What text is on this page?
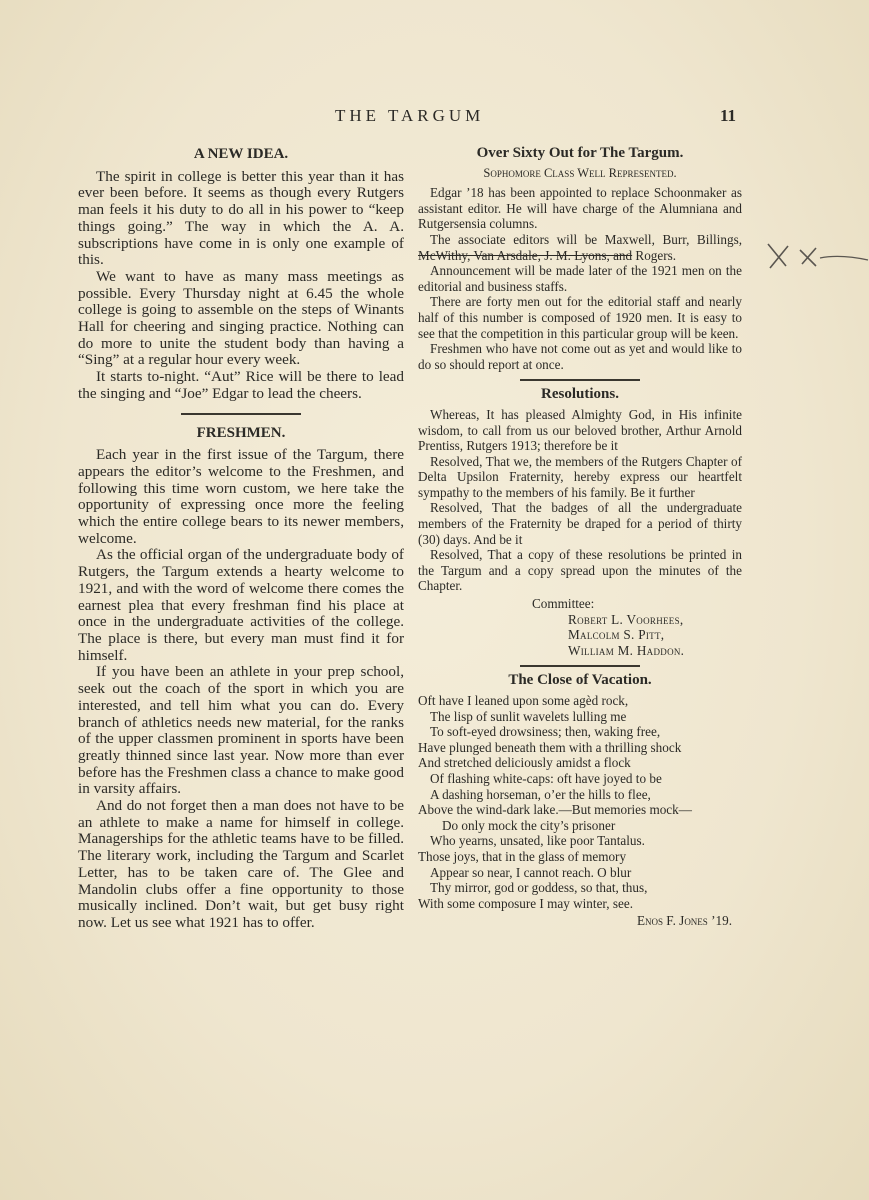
THE TARGUM	11
A NEW IDEA.

The spirit in college is better this year than it has ever been before. It seems as though every Rutgers man feels it his duty to do all in his power to “keep things going.” The way in which the A. A. subscriptions have come in is only one example of this.

We want to have as many mass meetings as possible. Every Thursday night at 6.45 the whole college is going to assemble on the steps of Winants Hall for cheering and singing practice. Nothing can do more to unite the student body than having a “Sing” at a regular hour every week.

It starts to-night. “Aut” Rice will be there to lead the singing and “Joe” Edgar to lead the cheers.

FRESHMEN.

Each year in the first issue of the Targum, there appears the editor’s welcome to the Freshmen, and following this time worn custom, we here take the opportunity of expressing once more the feeling which the entire college bears to its newer members, welcome.

As the official organ of the undergraduate body of Rutgers, the Targum extends a hearty welcome to 1921, and with the word of welcome there comes the earnest plea that every freshman find his place at once in the undergraduate activities of the college. The place is there, but every man must find it for himself.

If you have been an athlete in your prep school, seek out the coach of the sport in which you are interested, and tell him what you can do. Every branch of athletics needs new material, for the ranks of the upper classmen prominent in sports have been greatly thinned since last year. Now more than ever before has the Freshmen class a chance to make good in varsity affairs.

And do not forget then a man does not have to be an athlete to make a name for himself in college. Managerships for the athletic teams have to be filled. The literary work, including the Targum and Scarlet Letter, has to be taken care of. The Glee and Mandolin clubs offer a fine opportunity to those musically inclined. Don’t wait, but get busy right now. Let us see what 1921 has to offer.

Over Sixty Out for The Targum.
Sophomore Class Well Represented.

Edgar ’18 has been appointed to replace Schoonmaker as assistant editor. He will have charge of the Alumniana and Rutgersensia columns.

The associate editors will be Maxwell, Burr, Billings, McWithy, Van Arsdale, J. M. Lyons, and Rogers.

Announcement will be made later of the 1921 men on the editorial and business staffs.

There are forty men out for the editorial staff and nearly half of this number is composed of 1920 men. It is easy to see that the competition in this particular group will be keen.

Freshmen who have not come out as yet and would like to do so should report at once.

Resolutions.

Whereas, It has pleased Almighty God, in His infinite wisdom, to call from us our beloved brother, Arthur Arnold Prentiss, Rutgers 1913; therefore be it

Resolved, That we, the members of the Rutgers Chapter of Delta Upsilon Fraternity, hereby express our heartfelt sympathy to the members of his family. Be it further

Resolved, That the badges of all the undergraduate members of the Fraternity be draped for a period of thirty (30) days. And be it

Resolved, That a copy of these resolutions be printed in the Targum and a copy spread upon the minutes of the Chapter.

Committee:
Robert L. Voorhees,
Malcolm S. Pitt,
William M. Haddon.
The Close of Vacation.
Oft have I leaned upon some agèd rock,
The lisp of sunlit wavelets lulling me
To soft-eyed drowsiness; then, waking free,
Have plunged beneath them with a thrilling shock
And stretched deliciously amidst a flock
Of flashing white-caps: oft have joyed to be
A dashing horseman, o’er the hills to flee,
Above the wind-dark lake.—But memories mock—
Do only mock the city’s prisoner
Who yearns, unsated, like poor Tantalus.
Those joys, that in the glass of memory
Appear so near, I cannot reach. O blur
Thy mirror, god or goddess, so that, thus,
With some composure I may winter, see.
Enos F. Jones ’19.
